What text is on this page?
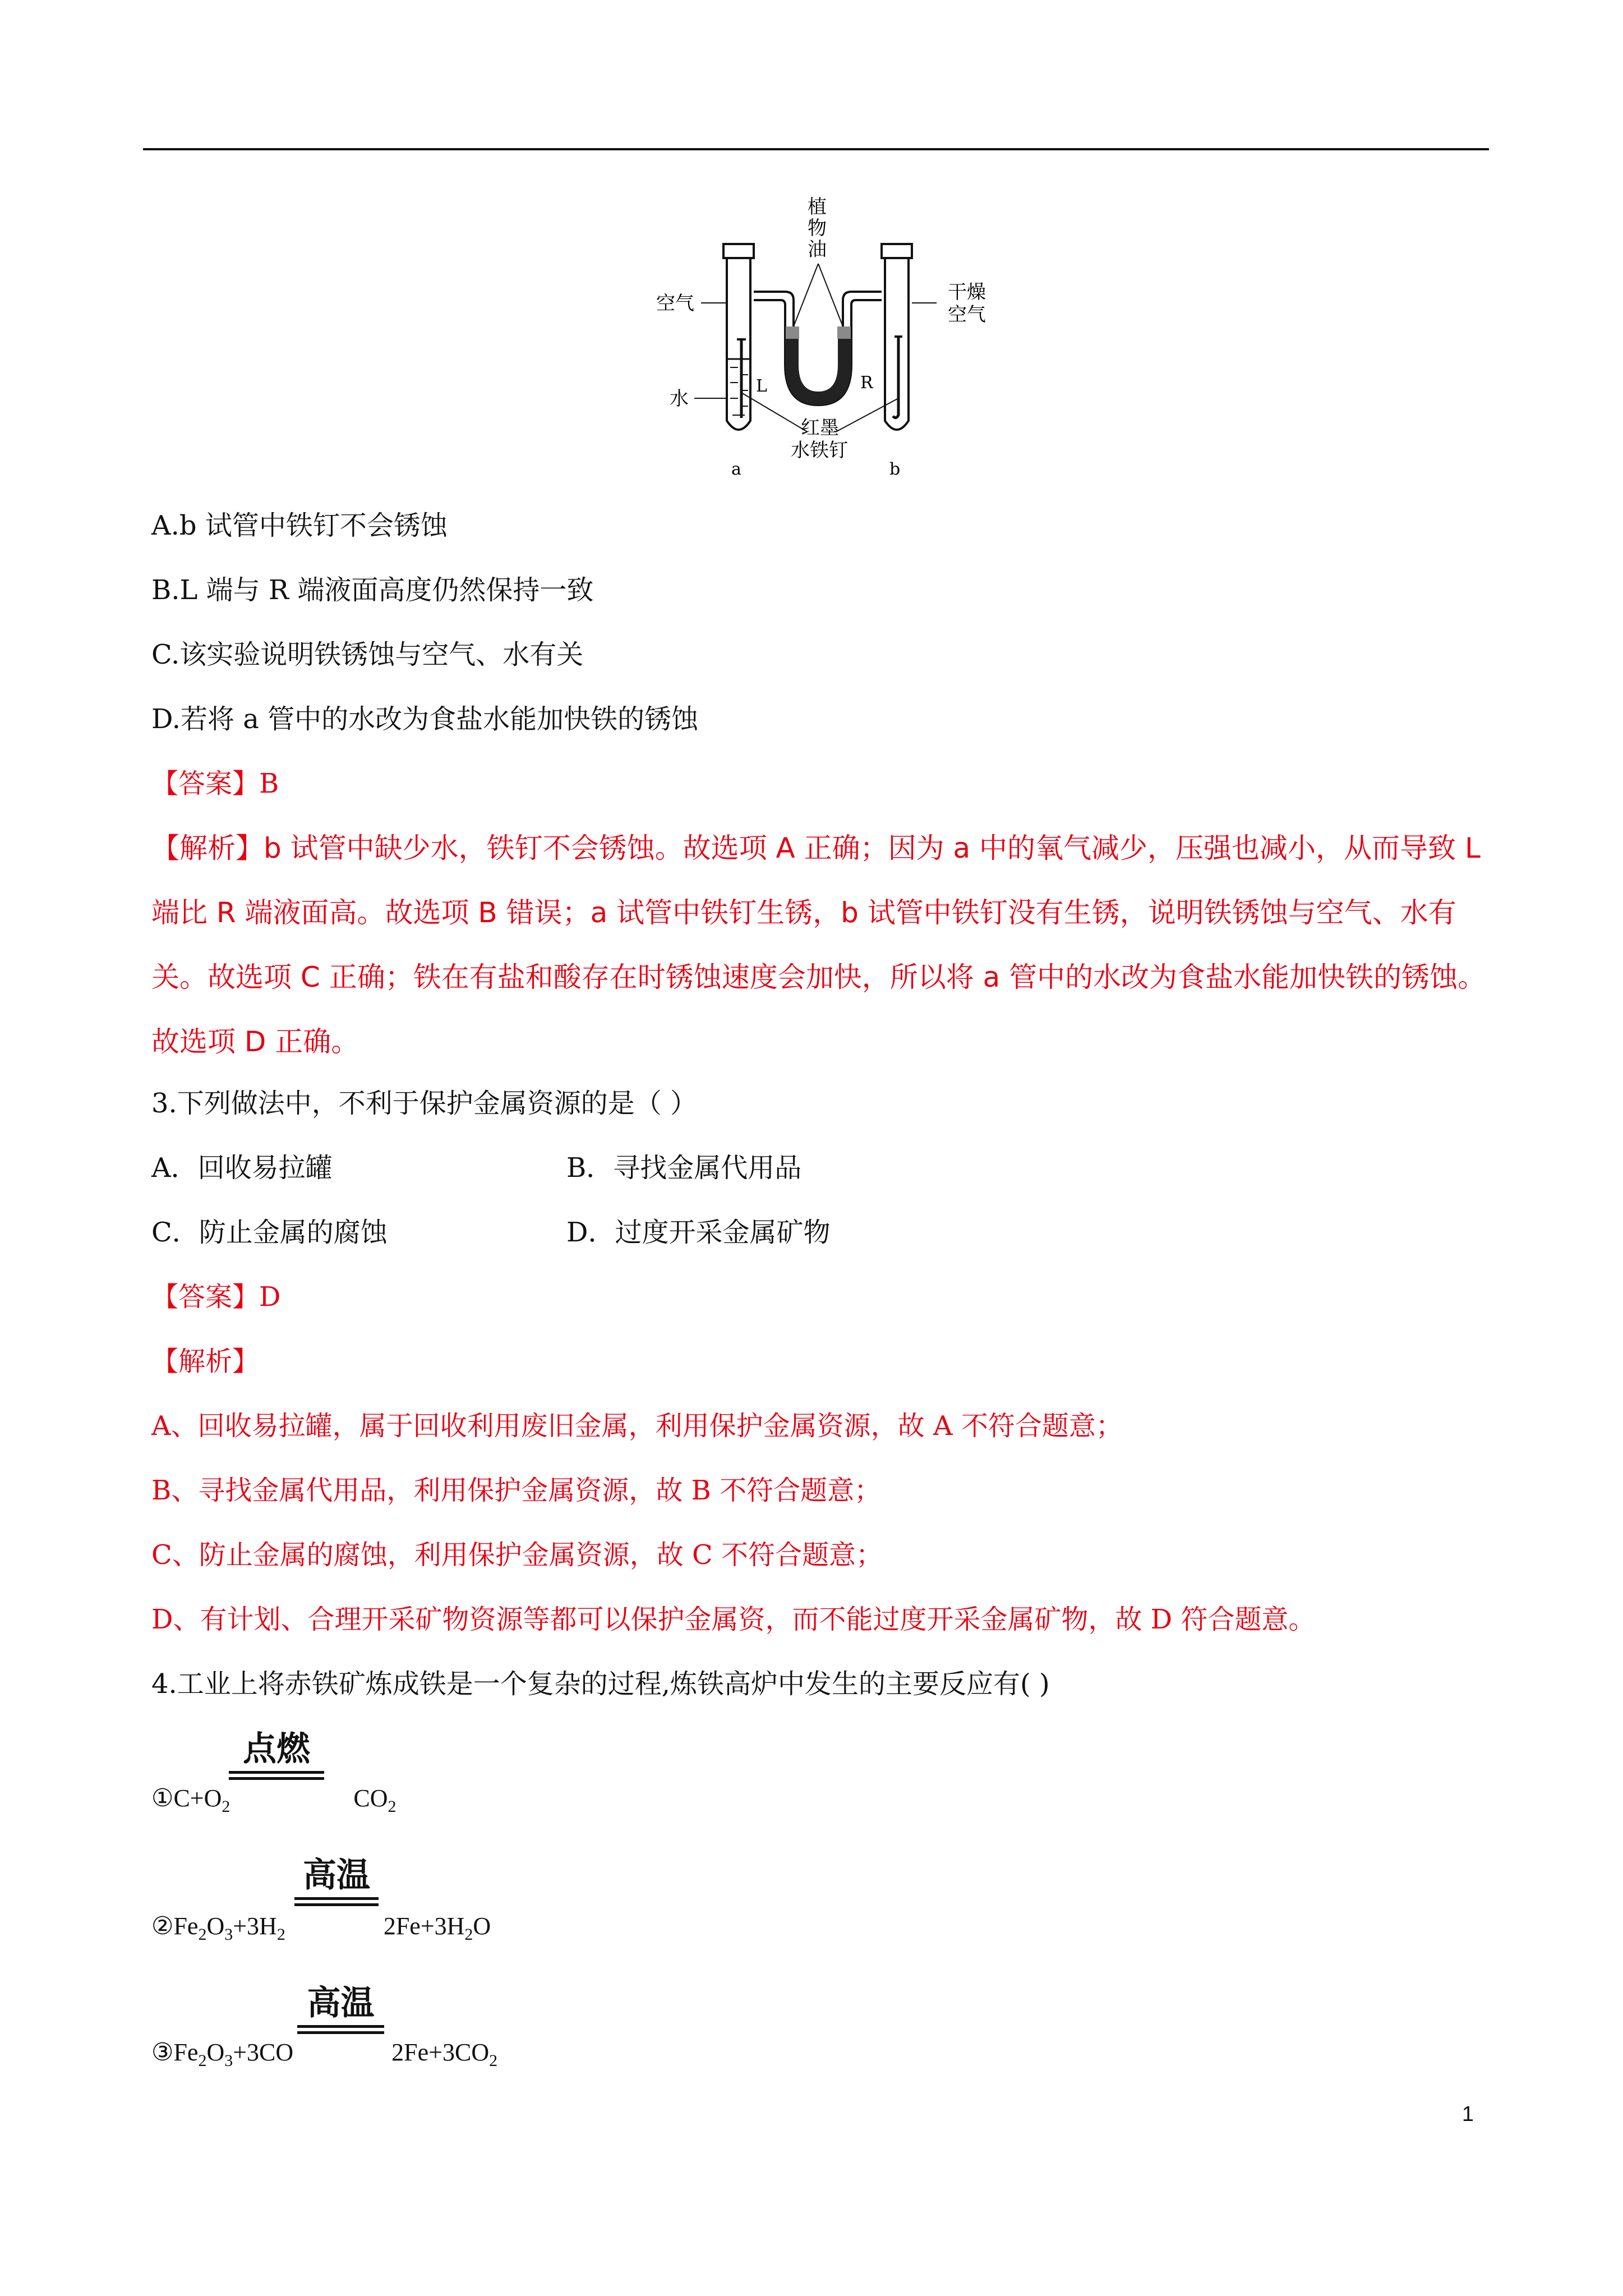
植
物
油
空气	干燥
空气
水
L	R
红墨
水铁钉
a	b
A.b 试管中铁钉不会锈蚀
B.L 端与 R 端液面高度仍然保持一致
C.该实验说明铁锈蚀与空气、水有关
D.若将 a 管中的水改为食盐水能加快铁的锈蚀
【答案】B
【解析】b 试管中缺少水，铁钉不会锈蚀。故选项 A 正确；因为 a 中的氧气减少，压强也减小，从而导致 L 端比 R 端液面高。故选项 B 错误；a 试管中铁钉生锈，b 试管中铁钉没有生锈，说明铁锈蚀与空气、水有关。故选项 C 正确；铁在有盐和酸存在时锈蚀速度会加快，所以将 a 管中的水改为食盐水能加快铁的锈蚀。故选项 D 正确。
3.下列做法中，不利于保护金属资源的是（ ）
A．回收易拉罐	B．寻找金属代用品
C．防止金属的腐蚀	D．过度开采金属矿物
【答案】D
【解析】
A、回收易拉罐，属于回收利用废旧金属，利用保护金属资源，故 A 不符合题意；
B、寻找金属代用品，利用保护金属资源，故 B 不符合题意；
C、防止金属的腐蚀，利用保护金属资源，故 C 不符合题意；
D、有计划、合理开采矿物资源等都可以保护金属资，而不能过度开采金属矿物，故 D 符合题意。
4.工业上将赤铁矿炼成铁是一个复杂的过程,炼铁高炉中发生的主要反应有( )
点燃
$①C+O_2$	$CO_2$
高温
$②Fe_2O_3+3H_2$	$2Fe+3H_2O$
高温
$③Fe_2O_3+3CO$	$2Fe+3CO_2$
1
